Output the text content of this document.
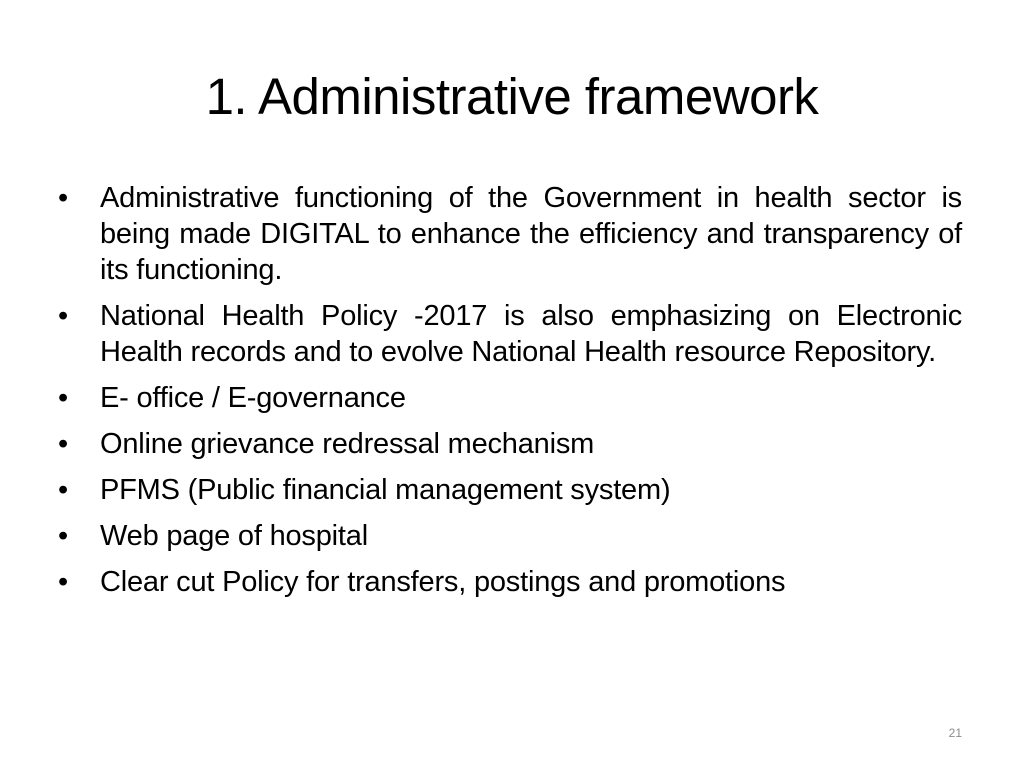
1. Administrative framework
• Administrative functioning of the Government in health sector is being made DIGITAL to enhance the efficiency and transparency of its functioning.
• National Health Policy -2017 is also emphasizing on Electronic Health records and to evolve National Health resource Repository.
• E- office / E-governance
• Online grievance redressal mechanism
• PFMS (Public financial management system)
• Web page of hospital
• Clear cut Policy for transfers, postings and promotions
21
